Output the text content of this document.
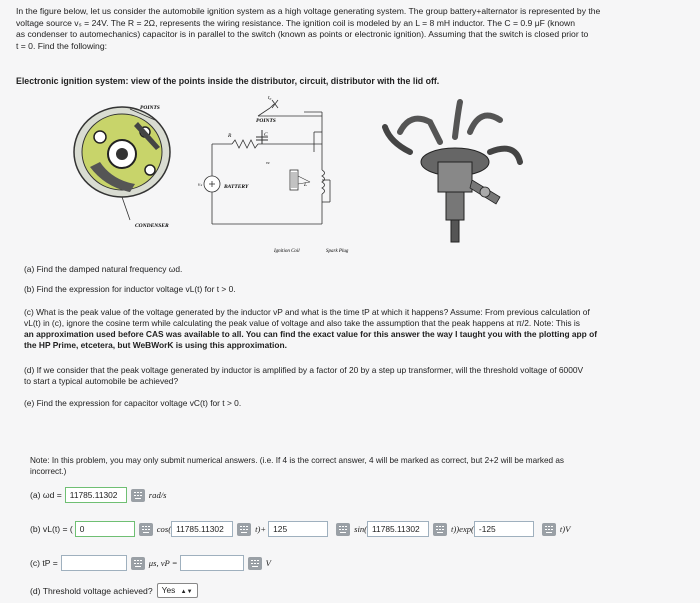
In the figure below, let us consider the automobile ignition system as a high voltage generating system. The group battery+alternator is represented by the
voltage source vₛ = 24V. The R = 2Ω, represents the wiring resistance. The ignition coil is modeled by an L = 8 mH inductor. The C = 0.9 μF (known
as condenser to automechanics) capacitor is in parallel to the switch (known as points or electronic ignition). Assuming that the switch is closed prior to
t = 0. Find the following:
Electronic ignition system: view of the points inside the distributor, circuit, distributor with the lid off.
POINTS
CONDENSER
t₀
POINTS
C
vc
R
vₛ	BATTERY	L
Ignition Coil	Spark Plug
(a) Find the damped natural frequency ωd.
(b) Find the expression for inductor voltage vL(t) for t > 0.
(c) What is the peak value of the voltage generated by the inductor vP and what is the time tP at which it happens? Assume: From previous calculation of
vL(t) in (c), ignore the cosine term while calculating the peak value of voltage and also take the assumption that the peak happens at π/2. Note: This is
an approximation used before CAS was available to all. You can find the exact value for this answer the way I taught you with the plotting app of
the HP Prime, etcetera, but WeBWorK is using this approximation.
(d) If we consider that the peak voltage generated by inductor is amplified by a factor of 20 by a step up transformer, will the threshold voltage of 6000V
to start a typical automobile be achieved?
(e) Find the expression for capacitor voltage vC(t) for t > 0.
Note: In this problem, you may only submit numerical answers. (i.e. If 4 is the correct answer, 4 will be marked as correct, but 2+2 will be marked as
incorrect.)
(a) ωd = 11785.11302	rad/s
(b) vL(t) = ( 0	cos( 11785.11302	t)+ 125	sin( 11785.11302	t))exp( -125	t)V
(c) tP =	μs, vP =	V
(d) Threshold voltage achieved?	Yes ▲▼
